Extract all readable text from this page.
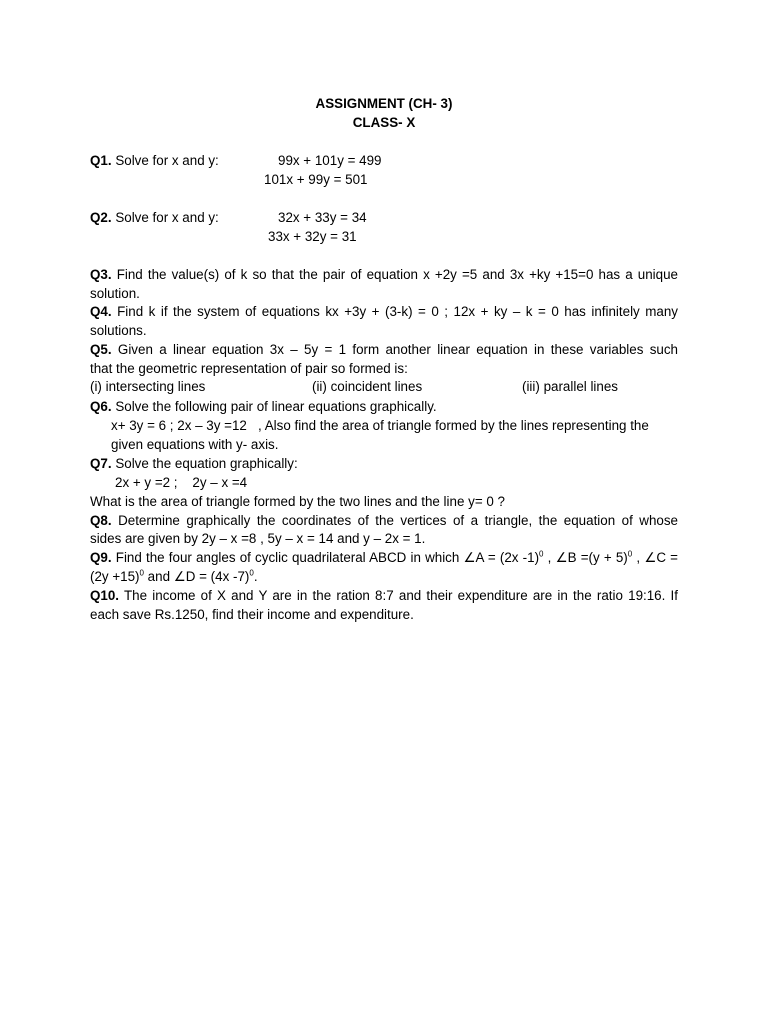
ASSIGNMENT (CH- 3)
CLASS- X
Q1. Solve for x and y:	99x + 101y = 499
101x + 99y = 501
Q2. Solve for x and y:	32x + 33y = 34
33x + 32y = 31
Q3. Find the value(s) of k so that the pair of equation x +2y =5 and 3x +ky +15=0 has a unique
solution.
Q4. Find k if the system of equations kx +3y + (3-k) = 0 ; 12x + ky – k = 0 has infinitely many
solutions.
Q5. Given a linear equation 3x – 5y = 1 form another linear equation in these variables such
that the geometric representation of pair so formed is:
(i) intersecting lines	(ii) coincident lines	(iii) parallel lines
Q6. Solve the following pair of linear equations graphically.
x+ 3y = 6 ; 2x – 3y =12   , Also find the area of triangle formed by the lines representing the
given equations with y- axis.
Q7. Solve the equation graphically:
2x + y =2 ;    2y – x =4
What is the area of triangle formed by the two lines and the line y= 0 ?
Q8. Determine graphically the coordinates of the vertices of a triangle, the equation of whose
sides are given by 2y – x =8 , 5y – x = 14 and y – 2x = 1.
Q9. Find the four angles of cyclic quadrilateral ABCD in which ∠A = (2x -1)$^0$ , ∠B $=(y + 5)^0$ , ∠C =
$(2y +15)^0$ and ∠D = (4x -7)$^0$.
Q10. The income of X and Y are in the ration 8:7 and their expenditure are in the ratio 19:16. If
each save Rs.1250, find their income and expenditure.
